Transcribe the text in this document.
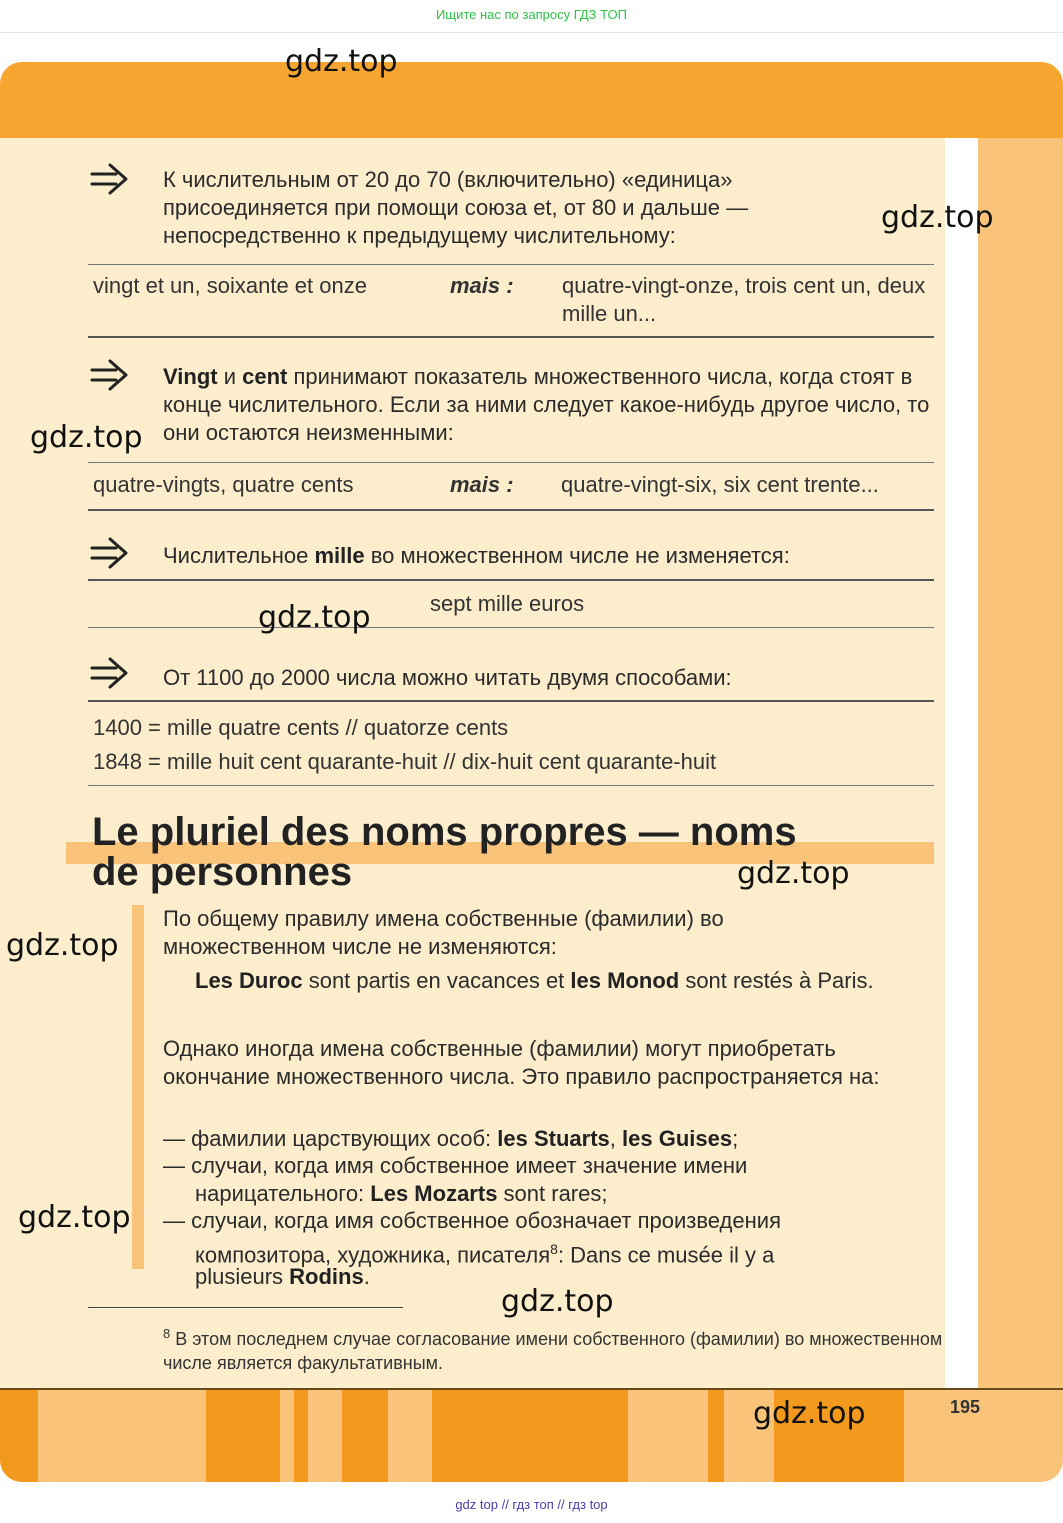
Ищите нас по запросу ГДЗ ТОП
195
К числительным от 20 до 70 (включительно) «единица» присоединяется при помощи союза et, от 80 и дальше — непосредственно к предыдущему числительному:
vingt et un, soixante et onze	mais : quatre-vingt-onze, trois cent un, deux mille un...
Vingt и cent принимают показатель множественного числа, когда стоят в конце числительного. Если за ними следует какое-нибудь другое число, то они остаются неизменными:
quatre-vingts, quatre cents	mais : quatre-vingt-six, six cent trente...
Числительное mille во множественном числе не изменяется:
sept mille euros
От 1100 до 2000 числа можно читать двумя способами:
1400 = mille quatre cents // quatorze cents
1848 = mille huit cent quarante-huit // dix-huit cent quarante-huit
Le pluriel des noms propres — noms
de personnes
По общему правилу имена собственные (фамилии) во множественном числе не изменяются:
Les Duroc sont partis en vacances et les Monod sont restés à Paris.
Однако иногда имена собственные (фамилии) могут приобретать окончание множественного числа. Это правило распространяется на:
— фамилии царствующих особ: les Stuarts, les Guises;
— случаи, когда имя собственное имеет значение имени
нарицательного: Les Mozarts sont rares;
— случаи, когда имя собственное обозначает произведения
композитора, художника, писателя$^8$: Dans ce musée il y a
plusieurs Rodins.
$^8$ В этом последнем случае согласование имени собственного (фамилии) во множественном числе является факультативным.
gdz.top
gdz.top
gdz.top
gdz.top
gdz.top
gdz.top
gdz.top
gdz.top
gdz.top
gdz top // гдз топ // гдз top
